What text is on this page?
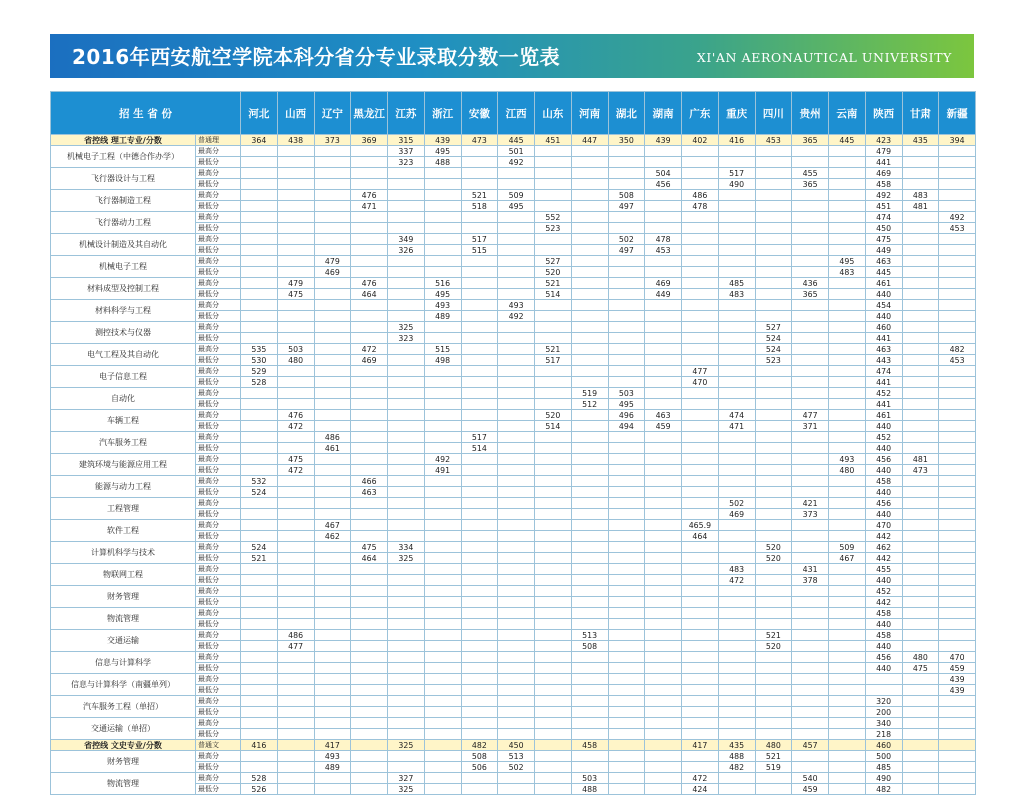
2016年西安航空学院本科分省分专业录取分数一览表	XI'AN AERONAUTICAL UNIVERSITY
招 生 省 份		河北	山西	辽宁	黑龙江	江苏	浙江	安徽	江西	山东	河南	湖北	湖南	广东	重庆	四川	贵州	云南	陕西	甘肃	新疆
省控线 理工专业/分数	普通理	364	438	373	369	315	439	473	445	451	447	350	439	402	416	453	365	445	423	435	394
机械电子工程（中德合作办学）	最高分					337	495		501										479		
	最低分					323	488		492										441		
飞行器设计与工程	最高分												504		517		455		469		
	最低分												456		490		365		458		
飞行器制造工程	最高分				476			521	509			508		486					492	483	
	最低分				471			518	495			497		478					451	481	
飞行器动力工程	最高分									552									474		492
	最低分									523									450		453
机械设计制造及其自动化	最高分					349		517				502	478						475		
	最低分					326		515				497	453						449		
机械电子工程	最高分			479						527								495	463		
	最低分			469						520								483	445		
材料成型及控制工程	最高分		479		476		516			521			469		485		436		461		
	最低分		475		464		495			514			449		483		365		440		
材料科学与工程	最高分						493		493										454		
	最低分						489		492										440		
测控技术与仪器	最高分					325										527			460		
	最低分					323										524			441		
电气工程及其自动化	最高分	535	503		472		515			521						524			463		482
	最低分	530	480		469		498			517						523			443		453
电子信息工程	最高分	529												477					474		
	最低分	528												470					441		
自动化	最高分										519	503							452		
	最低分										512	495							441		
车辆工程	最高分		476							520		496	463		474		477		461		
	最低分		472							514		494	459		471		371		440		
汽车服务工程	最高分			486				517											452		
	最低分			461				514											440		
建筑环境与能源应用工程	最高分		475				492											493	456	481	
	最低分		472				491											480	440	473	
能源与动力工程	最高分	532			466														458		
	最低分	524			463														440		
工程管理	最高分														502		421		456		
	最低分														469		373		440		
软件工程	最高分			467										465.9					470		
	最低分			462										464					442		
计算机科学与技术	最高分	524			475	334										520		509	462		
	最低分	521			464	325										520		467	442		
物联网工程	最高分														483		431		455		
	最低分														472		378		440		
财务管理	最高分																		452		
	最低分																		442		
物流管理	最高分																		458		
	最低分																		440		
交通运输	最高分		486								513					521			458		
	最低分		477								508					520			440		
信息与计算科学	最高分																		456	480	470
	最低分																		440	475	459
信息与计算科学（南疆单列）	最高分																				439
	最低分																				439
汽车服务工程（单招）	最高分																		320		
	最低分																		200		
交通运输（单招）	最高分																		340		
	最低分																		218		
省控线 文史专业/分数	普通文	416		417		325		482	450		458			417	435	480	457		460		
财务管理	最高分			493				508	513						488	521			500		
	最低分			489				506	502						482	519			485		
物流管理	最高分	528				327					503			472			540		490		
	最低分	526				325					488			424			459		482		
